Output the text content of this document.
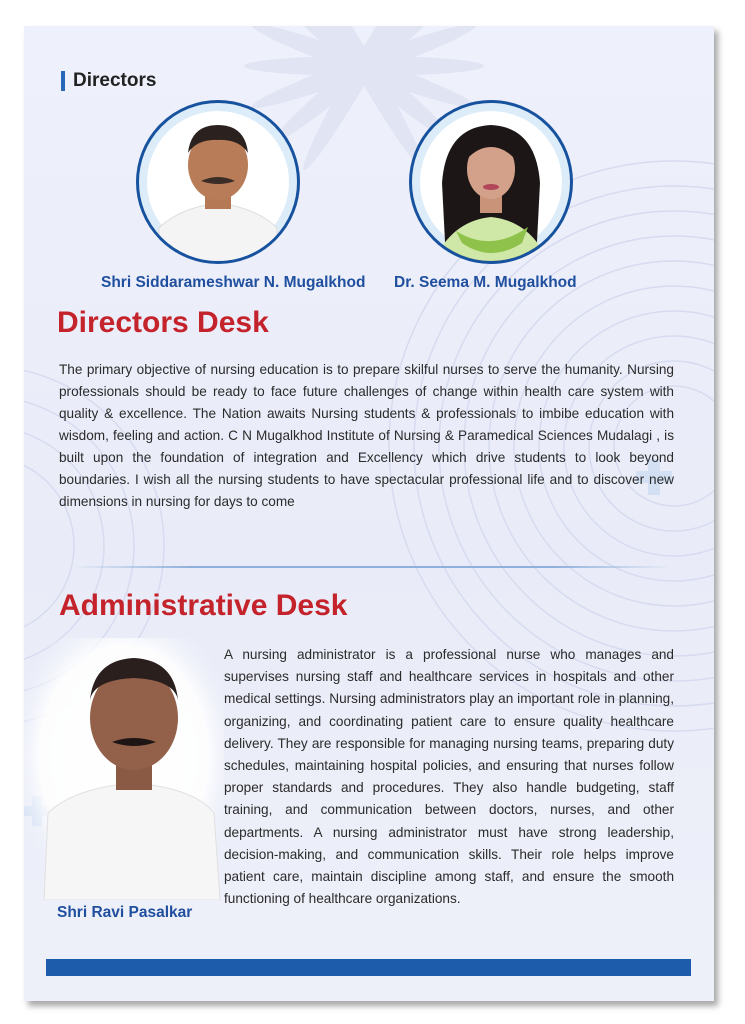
Directors
Shri Siddarameshwar N. Mugalkhod Dr. Seema M. Mugalkhod
Directors Desk
The primary objective of nursing education is to prepare skilful nurses to serve the humanity. Nursing professionals should be ready to face future challenges of change within health care system with quality & excellence. The Nation awaits Nursing students & professionals to imbibe education with wisdom, feeling and action. C N Mugalkhod Institute of Nursing & Paramedical Sciences Mudalagi , is built upon the foundation of integration and Excellency which drive students to look beyond boundaries. I wish all the nursing students to have spectacular professional life and to discover new dimensions in nursing for days to come
Administrative Desk
Shri Ravi Pasalkar
A nursing administrator is a professional nurse who manages and supervises nursing staff and healthcare services in hospitals and other medical settings. Nursing administrators play an important role in planning, organizing, and coordinating patient care to ensure quality healthcare delivery. They are responsible for managing nursing teams, preparing duty schedules, maintaining hospital policies, and ensuring that nurses follow proper standards and procedures. They also handle budgeting, staff training, and communication between doctors, nurses, and other departments. A nursing administrator must have strong leadership, decision-making, and communication skills. Their role helps improve patient care, maintain discipline among staff, and ensure the smooth functioning of healthcare organizations.
